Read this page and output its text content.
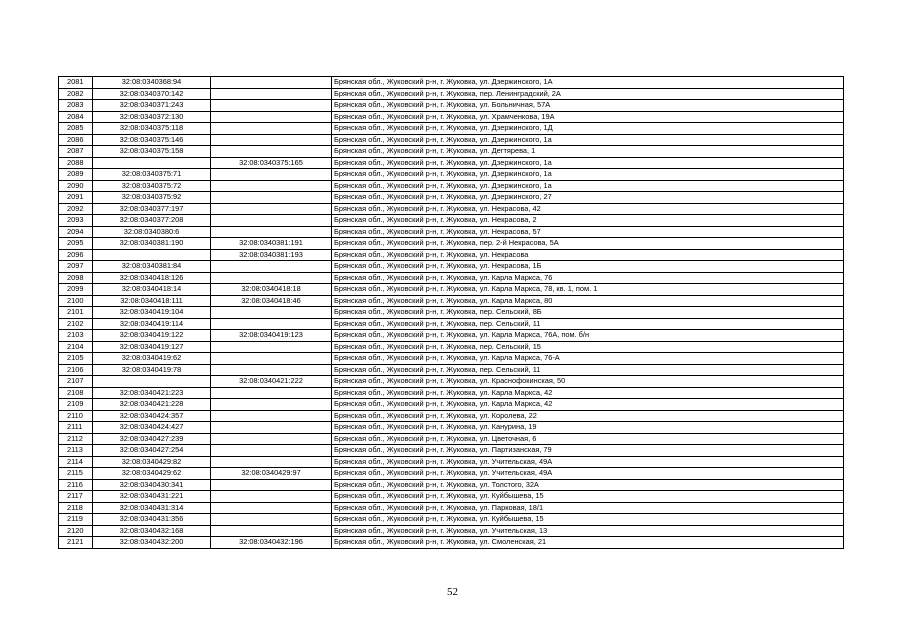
2081	32:08:0340368:94		Брянская обл., Жуковский р-н, г. Жуковка, ул. Дзержинского, 1А
2082	32:08:0340370:142		Брянская обл., Жуковский р-н, г. Жуковка, пер. Ленинградский, 2А
2083	32:08:0340371:243		Брянская обл., Жуковский р-н, г. Жуковка, ул. Больничная, 57А
2084	32:08:0340372:130		Брянская обл., Жуковский р-н, г. Жуковка, ул. Храмченкова, 19А
2085	32:08:0340375:118		Брянская обл., Жуковский р-н, г. Жуковка, ул. Дзержинского, 1Д
2086	32:08:0340375:146		Брянская обл., Жуковский р-н, г. Жуковка, ул. Дзержинского, 1а
2087	32:08:0340375:158		Брянская обл., Жуковский р-н, г. Жуковка, ул. Дегтярева, 1
2088		32:08:0340375:165	Брянская обл., Жуковский р-н, г. Жуковка, ул. Дзержинского, 1а
2089	32:08:0340375:71		Брянская обл., Жуковский р-н, г. Жуковка, ул. Дзержинского, 1а
2090	32:08:0340375:72		Брянская обл., Жуковский р-н, г. Жуковка, ул. Дзержинского, 1а
2091	32:08:0340375:92		Брянская обл., Жуковский р-н, г. Жуковка, ул. Дзержинского, 27
2092	32:08:0340377:197		Брянская обл., Жуковский р-н, г. Жуковка, ул. Некрасова, 42
2093	32:08:0340377:208		Брянская обл., Жуковский р-н, г. Жуковка, ул. Некрасова, 2
2094	32:08:0340380:6		Брянская обл., Жуковский р-н, г. Жуковка, ул. Некрасова, 57
2095	32:08:0340381:190	32:08:0340381:191	Брянская обл., Жуковский р-н, г. Жуковка, пер. 2-й Некрасова, 5А
2096		32:08:0340381:193	Брянская обл., Жуковский р-н, г. Жуковка, ул. Некрасова
2097	32:08:0340381:84		Брянская обл., Жуковский р-н, г. Жуковка, ул. Некрасова, 1Б
2098	32:08:0340418:126		Брянская обл., Жуковский р-н, г. Жуковка, ул. Карла Маркса, 76
2099	32:08:0340418:14	32:08:0340418:18	Брянская обл., Жуковский р-н, г. Жуковка, ул. Карла Маркса, 78, кв. 1, пом. 1
2100	32:08:0340418:111	32:08:0340418:46	Брянская обл., Жуковский р-н, г. Жуковка, ул. Карла Маркса, 80
2101	32:08:0340419:104		Брянская обл., Жуковский р-н, г. Жуковка, пер. Сельский, 8Б
2102	32:08:0340419:114		Брянская обл., Жуковский р-н, г. Жуковка, пер. Сельский, 11
2103	32:08:0340419:122	32:08:0340419:123	Брянская обл., Жуковский р-н, г. Жуковка, ул. Карла Маркса, 76А, пом. б/н
2104	32:08:0340419:127		Брянская обл., Жуковский р-н, г. Жуковка, пер. Сельский, 15
2105	32:08:0340419:62		Брянская обл., Жуковский р-н, г. Жуковка, ул. Карла Маркса, 76-А
2106	32:08:0340419:78		Брянская обл., Жуковский р-н, г. Жуковка, пер. Сельский, 11
2107		32:08:0340421:222	Брянская обл., Жуковский р-н, г. Жуковка, ул. Краснофокинская, 50
2108	32:08:0340421:223		Брянская обл., Жуковский р-н, г. Жуковка, ул. Карла Маркса, 42
2109	32:08:0340421:228		Брянская обл., Жуковский р-н, г. Жуковка, ул. Карла Маркса, 42
2110	32:08:0340424:357		Брянская обл., Жуковский р-н, г. Жуковка, ул. Королева, 22
2111	32:08:0340424:427		Брянская обл., Жуковский р-н, г. Жуковка, ул. Канурина, 19
2112	32:08:0340427:239		Брянская обл., Жуковский р-н, г. Жуковка, ул. Цветочная, 6
2113	32:08:0340427:254		Брянская обл., Жуковский р-н, г. Жуковка, ул. Партизанская, 79
2114	32:08:0340429:82		Брянская обл., Жуковский р-н, г. Жуковка, ул. Учительская, 49А
2115	32:08:0340429:62	32:08:0340429:97	Брянская обл., Жуковский р-н, г. Жуковка, ул. Учительская, 49А
2116	32:08:0340430:341		Брянская обл., Жуковский р-н, г. Жуковка, ул. Толстого, 32А
2117	32:08:0340431:221		Брянская обл., Жуковский р-н, г. Жуковка, ул. Куйбышева, 15
2118	32:08:0340431:314		Брянская обл., Жуковский р-н, г. Жуковка, ул. Парковая, 18/1
2119	32:08:0340431:356		Брянская обл., Жуковский р-н, г. Жуковка, ул. Куйбышева, 15
2120	32:08:0340432:168		Брянская обл., Жуковский р-н, г. Жуковка, ул. Учительская, 13
2121	32:08:0340432:200	32:08:0340432:196	Брянская обл., Жуковский р-н, г. Жуковка, ул. Смоленская, 21
52
